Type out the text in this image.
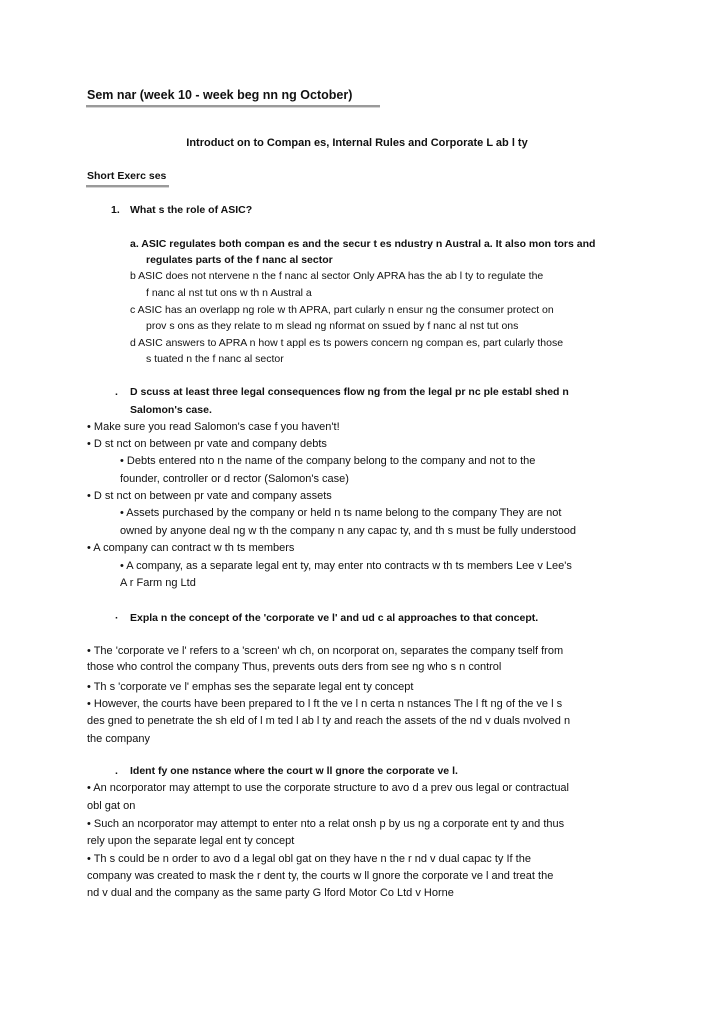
Sem nar (week 10 - week beg nn ng October)
Introduct on to Compan es, Internal Rules and Corporate L ab l ty
Short Exerc ses
1. What s the role of ASIC?
a. ASIC regulates both compan es and the secur t es ndustry n Austral a. It also mon tors and
regulates parts of the f nanc al sector
b ASIC does not ntervene n the f nanc al sector Only APRA has the ab l ty to regulate the
f nanc al nst tut ons w th n Austral a
c ASIC has an overlapp ng role w th APRA, part cularly n ensur ng the consumer protect on
prov s ons as they relate to m slead ng nformat on ssued by f nanc al nst tut ons
d ASIC answers to APRA n how t appl es ts powers concern ng compan es, part cularly those
s tuated n the f nanc al sector
. D scuss at least three legal consequences flow ng from the legal pr nc ple establ shed n
Salomon's case.
• Make sure you read Salomon's case f you haven't!
• D st nct on between pr vate and company debts
• Debts entered nto n the name of the company belong to the company and not to the
founder, controller or d rector (Salomon's case)
• D st nct on between pr vate and company assets
• Assets purchased by the company or held n ts name belong to the company They are not
owned by anyone deal ng w th the company n any capac ty, and th s must be fully understood
• A company can contract w th ts members
• A company, as a separate legal ent ty, may enter nto contracts w th ts members Lee v Lee's
A r Farm ng Ltd
· Expla n the concept of the 'corporate ve l' and ud c al approaches to that concept.
• The 'corporate ve l' refers to a 'screen' wh ch, on ncorporat on, separates the company tself from
those who control the company Thus, prevents outs ders from see ng who s n control
• Th s 'corporate ve l' emphas ses the separate legal ent ty concept
• However, the courts have been prepared to l ft the ve l n certa n nstances The l ft ng of the ve l s
des gned to penetrate the sh eld of l m ted l ab l ty and reach the assets of the nd v duals nvolved n
the company
. Ident fy one nstance where the court w ll gnore the corporate ve l.
• An ncorporator may attempt to use the corporate structure to avo d a prev ous legal or contractual
obl gat on
• Such an ncorporator may attempt to enter nto a relat onsh p by us ng a corporate ent ty and thus
rely upon the separate legal ent ty concept
• Th s could be n order to avo d a legal obl gat on they have n the r nd v dual capac ty If the
company was created to mask the r dent ty, the courts w ll gnore the corporate ve l and treat the
nd v dual and the company as the same party G lford Motor Co Ltd v Horne
